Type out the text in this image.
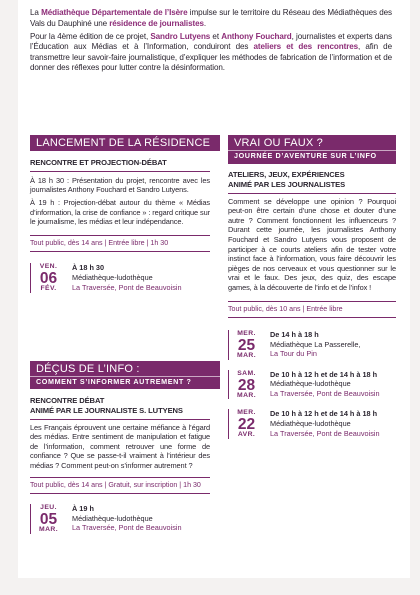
La Médiathèque Départementale de l’Isère impulse sur le territoire du Réseau des Médiathèques des Vals du Dauphiné une résidence de journalistes.

Pour la 4ème édition de ce projet, Sandro Lutyens et Anthony Fouchard, journalistes et experts dans l’Éducation aux Médias et à l’Information, conduiront des ateliers et des rencontres, afin de transmettre leur savoir-faire journalistique, d’expliquer les méthodes de fabrication de l’information et de donner des réflexes pour lutter contre la désinformation.

LANCEMENT DE LA RÉSIDENCE
RENCONTRE ET PROJECTION-DÉBAT
À 18 h 30 : Présentation du projet, rencontre avec les journalistes Anthony Fouchard et Sandro Lutyens.
À 19 h : Projection-débat autour du thème « Médias d’information, la crise de confiance » : regard critique sur le journalisme, les médias et leur indépendance.
Tout public, dès 14 ans | Entrée libre | 1h 30
VEN.
06
FÉV.
À 18 h 30
Médiathèque-ludothèque
La Traversée, Pont de Beauvoisin
DÉÇUS DE L’INFO :
COMMENT S’INFORMER AUTREMENT ?
RENCONTRE DÉBAT
ANIMÉ PAR LE JOURNALISTE S. LUTYENS
Les Français éprouvent une certaine méfiance à l’égard des médias. Entre sentiment de manipulation et fatigue de l’information, comment retrouver une forme de confiance ? Que se passe-t-il vraiment à l’intérieur des médias ? Comment peut-on s’informer autrement ?
Tout public, dès 14 ans | Gratuit, sur inscription | 1h 30
JEU.
05
MAR.
À 19 h
Médiathèque-ludothèque
La Traversée, Pont de Beauvoisin
VRAI OU FAUX ?
JOURNÉE D’AVENTURE SUR L’INFO
ATELIERS, JEUX, EXPÉRIENCES
ANIMÉ PAR LES JOURNALISTES
Comment se développe une opinion ? Pourquoi peut-on être certain d’une chose et douter d’une autre ? Comment fonctionnent les influenceurs ? Durant cette journée, les journalistes Anthony Fouchard et Sandro Lutyens vous proposent de participer à ce courts ateliers afin de tester votre instinct face à l’information, vous faire découvrir les pièges de nos cerveaux et vous questionner sur le vrai et le faux. Des jeux, des quiz, des escape games, à la découverte de l’info et de l’infox !
Tout public, dès 10 ans | Entrée libre
MER.
25
MAR.
De 14 h à 18 h
Médiathèque La Passerelle,
La Tour du Pin
SAM.
28
MAR.
De 10 h à 12 h et de 14 h à 18 h
Médiathèque-ludothèque
La Traversée, Pont de Beauvoisin
MER.
22
AVR.
De 10 h à 12 h et de 14 h à 18 h
Médiathèque-ludothèque
La Traversée, Pont de Beauvoisin
